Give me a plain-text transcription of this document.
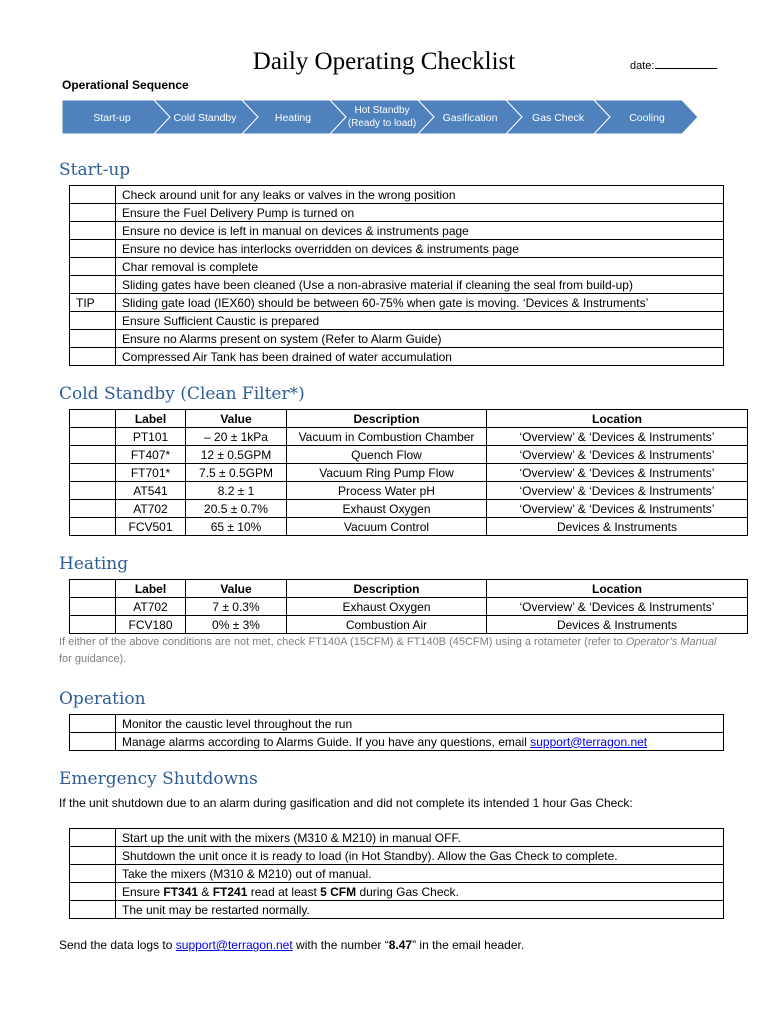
Daily Operating Checklist	date:
Operational Sequence
Start-up	Cold Standby	Heating
Hot Standby
(Ready to load)	Gasification	Gas Check	Cooling
Start-up
	Check around unit for any leaks or valves in the wrong position
	Ensure the Fuel Delivery Pump is turned on
	Ensure no device is left in manual on devices & instruments page
	Ensure no device has interlocks overridden on devices & instruments page
	Char removal is complete
	Sliding gates have been cleaned (Use a non-abrasive material if cleaning the seal from build-up)
TIP	Sliding gate load (IEX60) should be between 60-75% when gate is moving. ‘Devices & Instruments’
	Ensure Sufficient Caustic is prepared
	Ensure no Alarms present on system (Refer to Alarm Guide)
	Compressed Air Tank has been drained of water accumulation
Cold Standby (Clean Filter*)
	Label	Value	Description	Location
	PT101	– 20 ± 1kPa	Vacuum in Combustion Chamber	‘Overview’ & ‘Devices & Instruments’
	FT407*	12 ± 0.5GPM	Quench Flow	‘Overview’ & ‘Devices & Instruments’
	FT701*	7.5 ± 0.5GPM	Vacuum Ring Pump Flow	‘Overview’ & ‘Devices & Instruments’
	AT541	8.2 ± 1	Process Water pH	‘Overview’ & ‘Devices & Instruments’
	AT702	20.5 ± 0.7%	Exhaust Oxygen	‘Overview’ & ‘Devices & Instruments’
	FCV501	65 ± 10%	Vacuum Control	Devices & Instruments
Heating
	Label	Value	Description	Location
	AT702	7 ± 0.3%	Exhaust Oxygen	‘Overview’ & ‘Devices & Instruments’
	FCV180	0% ± 3%	Combustion Air	Devices & Instruments
If either of the above conditions are not met, check FT140A (15CFM) & FT140B (45CFM) using a rotameter (refer to Operator’s Manual for guidance).
Operation
	Monitor the caustic level throughout the run
	Manage alarms according to Alarms Guide. If you have any questions, email support@terragon.net
Emergency Shutdowns
If the unit shutdown due to an alarm during gasification and did not complete its intended 1 hour Gas Check:
	Start up the unit with the mixers (M310 & M210) in manual OFF.
	Shutdown the unit once it is ready to load (in Hot Standby). Allow the Gas Check to complete.
	Take the mixers (M310 & M210) out of manual.
	Ensure FT341 & FT241 read at least 5 CFM during Gas Check.
	The unit may be restarted normally.
Send the data logs to support@terragon.net with the number “8.47” in the email header.
